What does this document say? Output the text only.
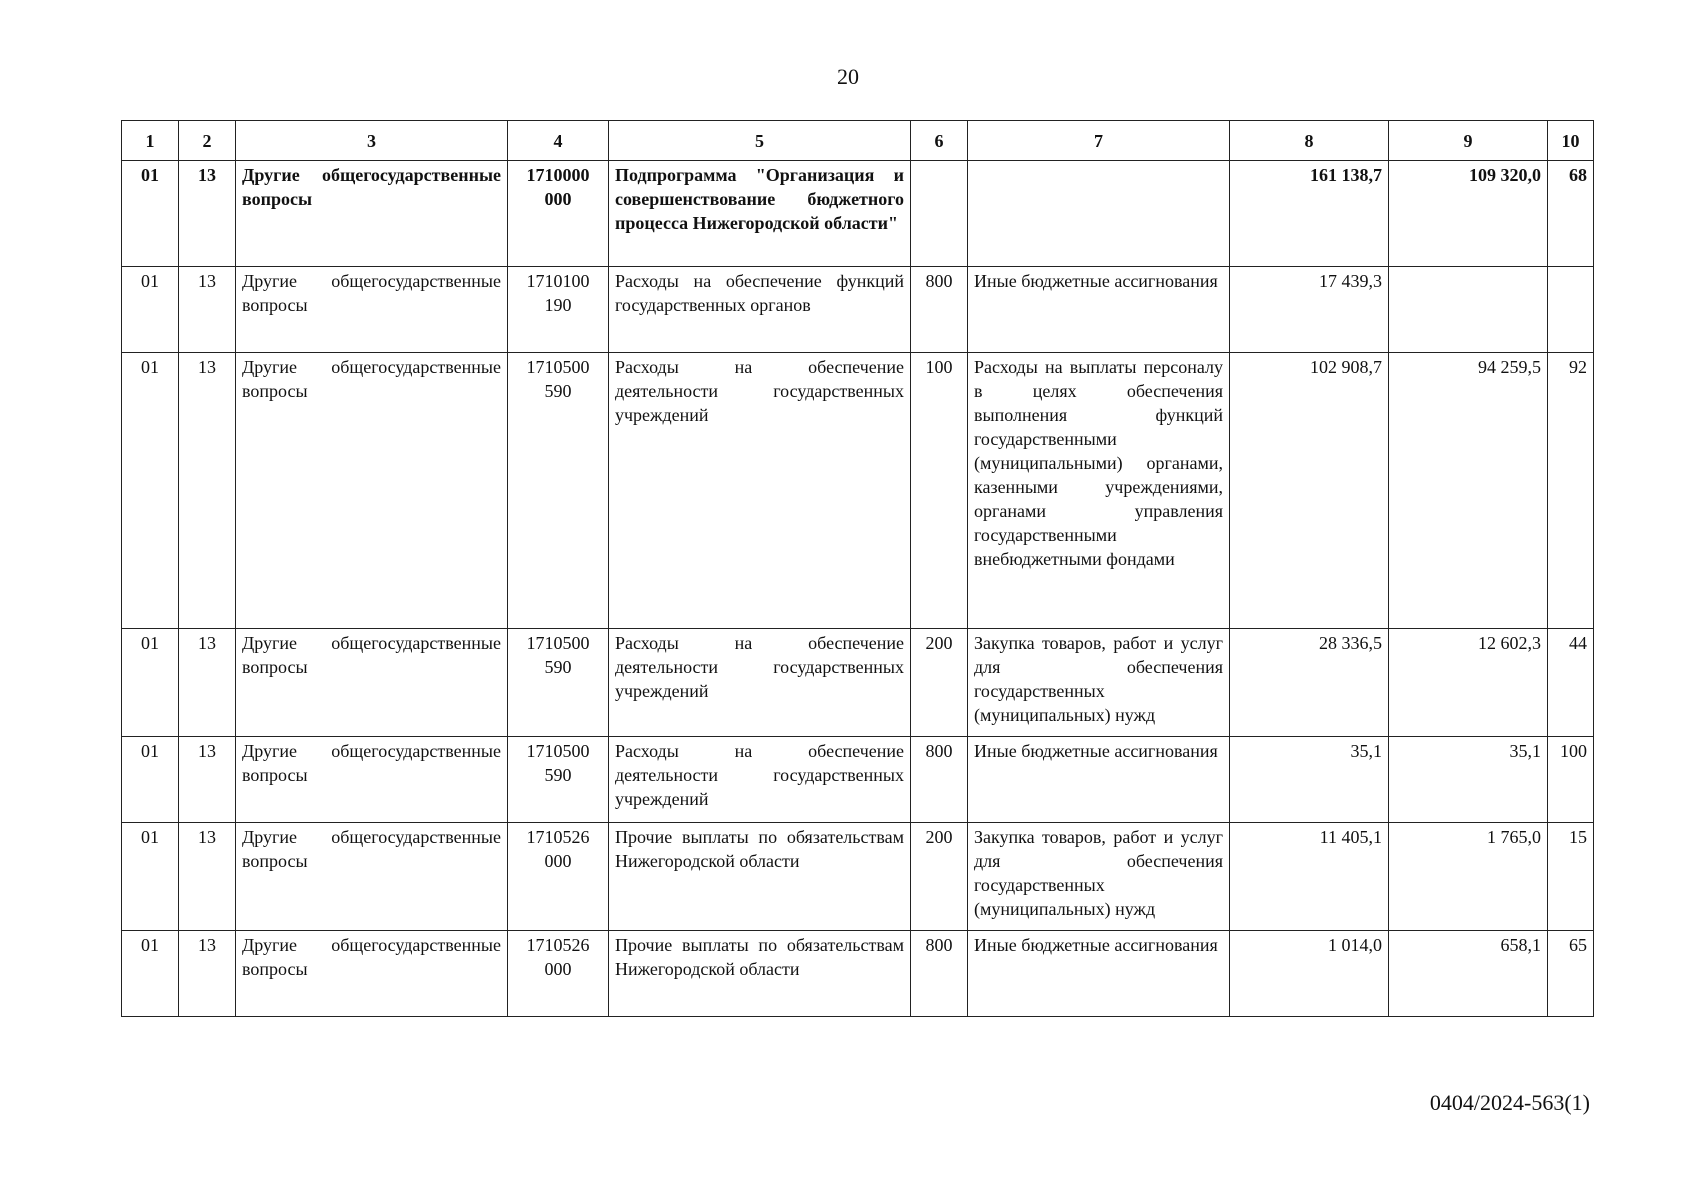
20
1	2	3	4	5	6	7	8	9	10
01	13	Другие общегосударственные вопросы	1710000 000	Подпрограмма "Организация и совершенствование бюджетного процесса Нижегородской области"			161 138,7	109 320,0	68
01	13	Другие общегосударственные вопросы	1710100 190	Расходы на обеспечение функций государственных органов	800	Иные бюджетные ассигнования	17 439,3		
01	13	Другие общегосударственные вопросы	1710500 590	Расходы на обеспечение деятельности государственных учреждений	100	Расходы на выплаты персоналу в целях обеспечения выполнения функций государственными (муниципальными) органами, казенными учреждениями, органами управления государственными внебюджетными фондами	102 908,7	94 259,5	92
01	13	Другие общегосударственные вопросы	1710500 590	Расходы на обеспечение деятельности государственных учреждений	200	Закупка товаров, работ и услуг для обеспечения государственных (муниципальных) нужд	28 336,5	12 602,3	44
01	13	Другие общегосударственные вопросы	1710500 590	Расходы на обеспечение деятельности государственных учреждений	800	Иные бюджетные ассигнования	35,1	35,1	100
01	13	Другие общегосударственные вопросы	1710526 000	Прочие выплаты по обязательствам Нижегородской области	200	Закупка товаров, работ и услуг для обеспечения государственных (муниципальных) нужд	11 405,1	1 765,0	15
01	13	Другие общегосударственные вопросы	1710526 000	Прочие выплаты по обязательствам Нижегородской области	800	Иные бюджетные ассигнования	1 014,0	658,1	65
0404/2024-563(1)
